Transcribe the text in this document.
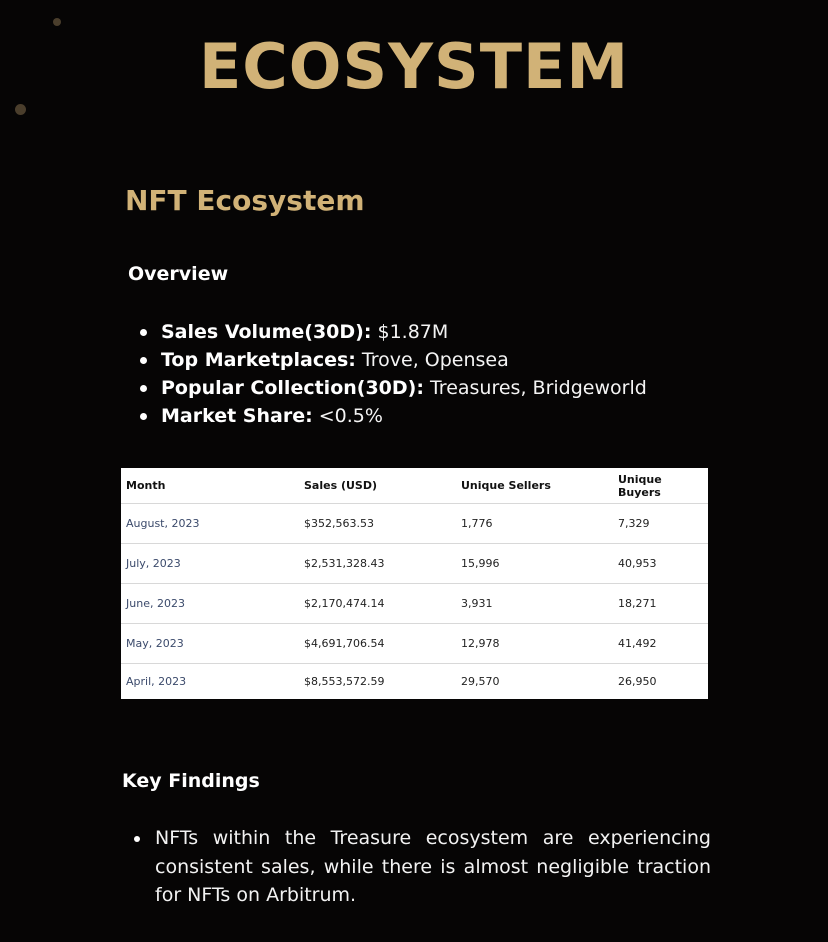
ECOSYSTEM
NFT Ecosystem
Overview
Sales Volume(30D): $1.87M
Top Marketplaces: Trove, Opensea
Popular Collection(30D): Treasures, Bridgeworld
Market Share: <0.5%
Month	Sales (USD)	Unique Sellers	Unique Buyers
August, 2023	$352,563.53	1,776	7,329
July, 2023	$2,531,328.43	15,996	40,953
June, 2023	$2,170,474.14	3,931	18,271
May, 2023	$4,691,706.54	12,978	41,492
April, 2023	$8,553,572.59	29,570	26,950
Key Findings
NFTs within the Treasure ecosystem are experiencing consistent sales, while there is almost negligible traction for NFTs on Arbitrum.
